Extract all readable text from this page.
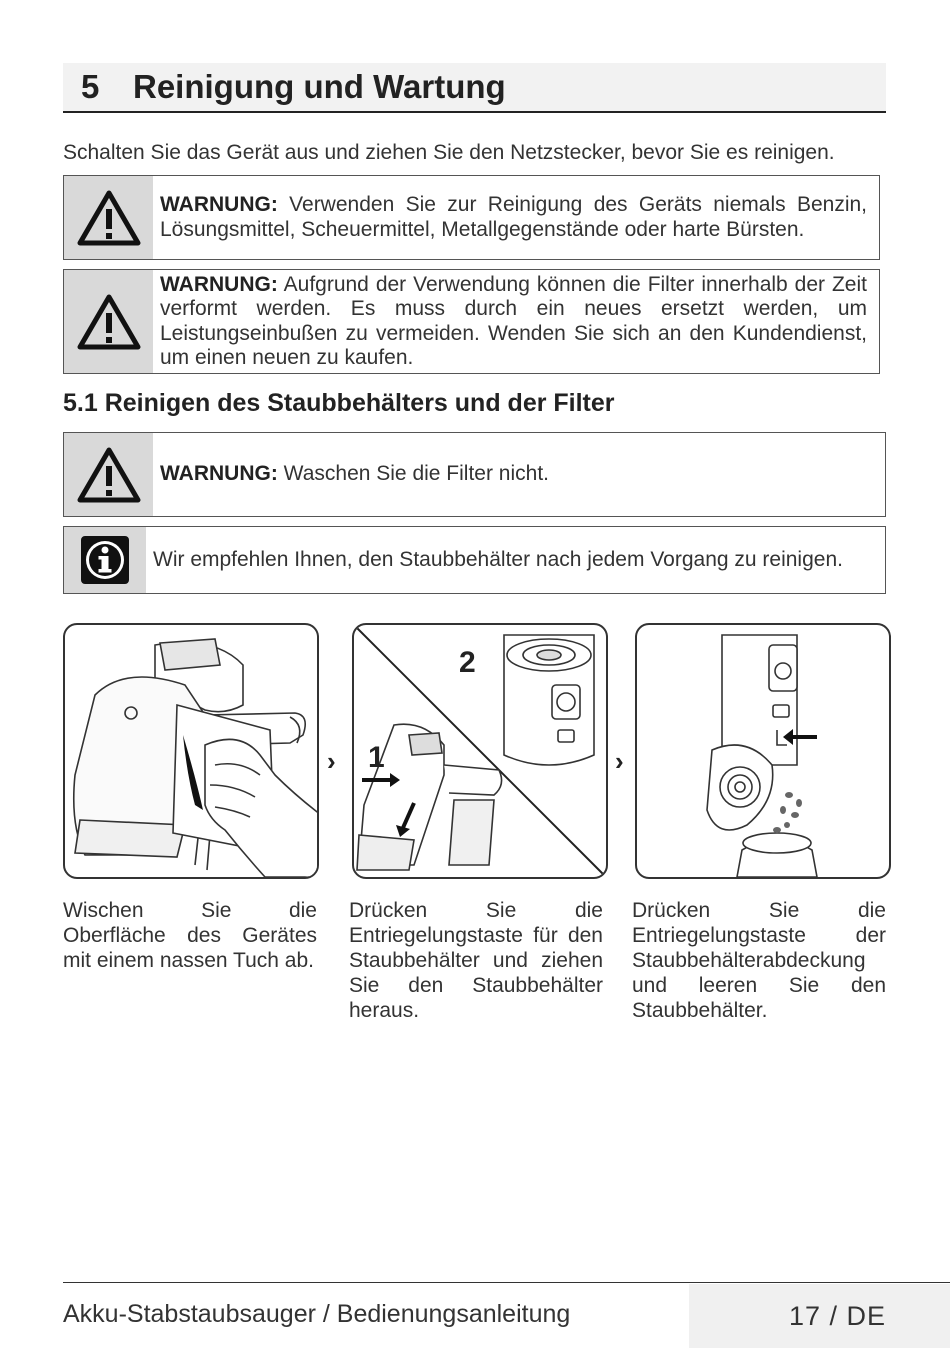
5	Reinigung und Wartung
Schalten Sie das Gerät aus und ziehen Sie den Netzstecker, bevor Sie es reinigen.
WARNUNG: Verwenden Sie zur Reinigung des Geräts niemals Benzin, Lösungsmittel, Scheuermittel, Metallgegenstände oder harte Bürsten.
WARNUNG: Aufgrund der Verwendung können die Filter innerhalb der Zeit verformt werden. Es muss durch ein neues ersetzt werden, um Leistungseinbußen zu vermeiden. Wenden Sie sich an den Kundendienst, um einen neuen zu kaufen.
5.1 Reinigen des Staubbehälters und der Filter
WARNUNG: Waschen Sie die Filter nicht.
Wir empfehlen Ihnen, den Staubbehälter nach jedem Vorgang zu reinigen.
›
2
1	›
Wischen Sie die Oberfläche des Gerätes mit einem nassen Tuch ab.
Drücken Sie die Entriegelungstaste für den Staubbehälter und ziehen Sie den Staubbehälter heraus.
Drücken Sie die Entriegelungstaste der Staubbehälterabdeckung und leeren Sie den Staubbehälter.
Akku-Stabstaubsauger / Bedienungsanleitung	17 / DE
